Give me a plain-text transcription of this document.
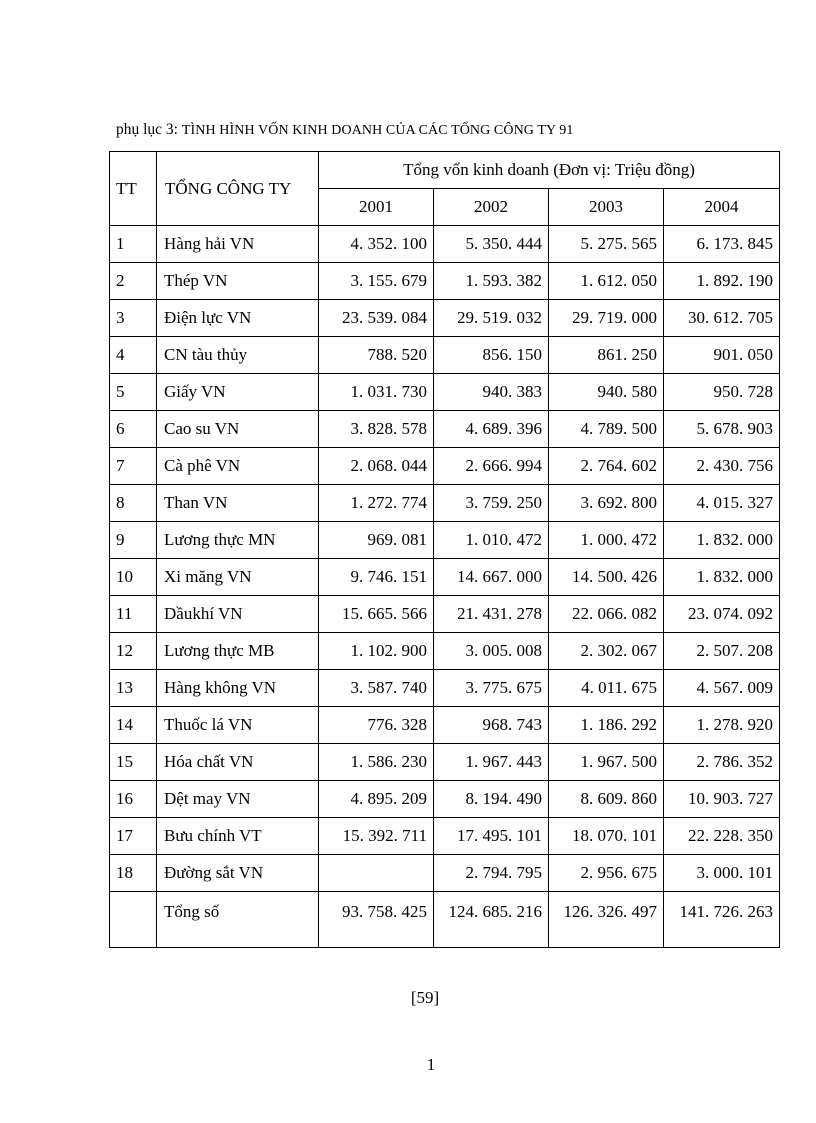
phụ lục 3: TÌNH HÌNH VỐN KINH DOANH CỦA CÁC TỔNG CÔNG TY 91
TT	TỔNG CÔNG TY	Tổng vốn kinh doanh (Đơn vị: Triệu đồng)			
		2001	2002	2003	2004
1	Hàng hải VN	4. 352. 100	5. 350. 444	5. 275. 565	6. 173. 845
2	Thép VN	3. 155. 679	1. 593. 382	1. 612. 050	1. 892. 190
3	Điện lực VN	23. 539. 084	29. 519. 032	29. 719. 000	30. 612. 705
4	CN tàu thủy	788. 520	856. 150	861. 250	901. 050
5	Giấy VN	1. 031. 730	940. 383	940. 580	950. 728
6	Cao su VN	3. 828. 578	4. 689. 396	4. 789. 500	5. 678. 903
7	Cà phê VN	2. 068. 044	2. 666. 994	2. 764. 602	2. 430. 756
8	Than VN	1. 272. 774	3. 759. 250	3. 692. 800	4. 015. 327
9	Lương thực MN	969. 081	1. 010. 472	1. 000. 472	1. 832. 000
10	Xi măng VN	9. 746. 151	14. 667. 000	14. 500. 426	1. 832. 000
11	Dầukhí VN	15. 665. 566	21. 431. 278	22. 066. 082	23. 074. 092
12	Lương thực MB	1. 102. 900	3. 005. 008	2. 302. 067	2. 507. 208
13	Hàng không VN	3. 587. 740	3. 775. 675	4. 011. 675	4. 567. 009
14	Thuốc lá VN	776. 328	968. 743	1. 186. 292	1. 278. 920
15	Hóa chất VN	1. 586. 230	1. 967. 443	1. 967. 500	2. 786. 352
16	Dệt may VN	4. 895. 209	8. 194. 490	8. 609. 860	10. 903. 727
17	Bưu chính VT	15. 392. 711	17. 495. 101	18. 070. 101	22. 228. 350
18	Đường sắt VN		2. 794. 795	2. 956. 675	3. 000. 101
	Tổng số	93. 758. 425	124. 685. 216	126. 326. 497	141. 726. 263
[59]
1
